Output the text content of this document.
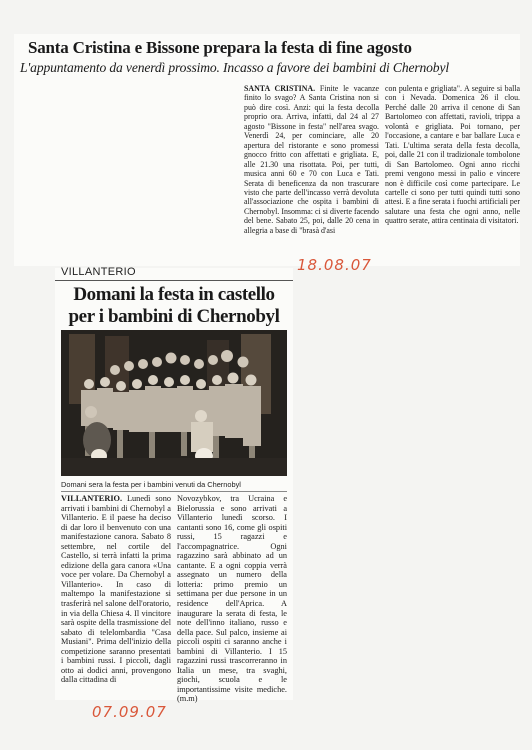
Santa Cristina e Bissone prepara la festa di fine agosto
L'appuntamento da venerdì prossimo. Incasso a favore dei bambini di Chernobyl
SANTA CRISTINA. Finite le vacanze finito lo svago? A Santa Cristina non si può dire così. Anzi: qui la festa decolla proprio ora. Arriva, infatti, dal 24 al 27 agosto "Bissone in festa" nell'area svago. Venerdì 24, per cominciare, alle 20 apertura del ristorante e sono promessi gnocco fritto con affettati e grigliata. E, alle 21.30 una risottata. Poi, per tutti, musica anni 60 e 70 con Luca e Tati. Serata di beneficenza da non trascurare visto che parte dell'incasso verrà devoluta all'associazione che ospita i bambini di Chernobyl. Insomma: ci si diverte facendo del bene. Sabato 25, poi, dalle 20 cena in allegria a base di "brasà d'asi
con pulenta e grigliata". A seguire si balla con i Nevada. Domenica 26 il clou. Perché dalle 20 arriva il cenone di San Bartolomeo con affettati, ravioli, trippa a volontà e grigliata. Poi tornano, per l'occasione, a cantare e bar ballare Luca e Tati. L'ultima serata della festa decolla, poi, dalle 21 con il tradizionale tombolone di San Bartolomeo. Ogni anno ricchi premi vengono messi in palio e vincere non è difficile così come partecipare. Le cartelle ci sono per tutti quindi tutti sono attesi. E a fine serata i fuochi artificiali per salutare una festa che ogni anno, nelle quattro serate, attira centinaia di visitatori.
18.08.07
VILLANTERIO
Domani la festa in castello per i bambini di Chernobyl
Domani sera la festa per i bambini venuti da Chernobyl
VILLANTERIO. Lunedì sono arrivati i bambini di Chernobyl a Villanterio. E il paese ha deciso di dar loro il benvenuto con una manifestazione canora. Sabato 8 settembre, nel cortile del Castello, si terrà infatti la prima edizione della gara canora «Una voce per volare. Da Chernobyl a Villanterio». In caso di maltempo la manifestazione si trasferirà nel salone dell'oratorio, in via della Chiesa 4. Il vincitore sarà ospite della trasmissione del sabato di telelombardia "Casa Musiani". Prima dell'inizio della competizione saranno presentati i bambini russi. I piccoli, dagli otto ai dodici anni, provengono dalla cittadina di
Novozybkov, tra Ucraina e Bielorussia e sono arrivati a Villanterio lunedì scorso. I cantanti sono 16, come gli ospiti russi, 15 ragazzi e l'accompagnatrice. Ogni ragazzino sarà abbinato ad un cantante. E a ogni coppia verrà assegnato un numero della lotteria: primo premio un settimana per due persone in un residence dell'Aprica. A inaugurare la serata di festa, le note dell'inno italiano, russo e della pace. Sul palco, insieme ai piccoli ospiti ci saranno anche i bambini di Villanterio. I 15 ragazzini russi trascorreranno in Italia un mese, tra svaghi, giochi, scuola e le importantissime visite mediche. (m.m)
07.09.07
